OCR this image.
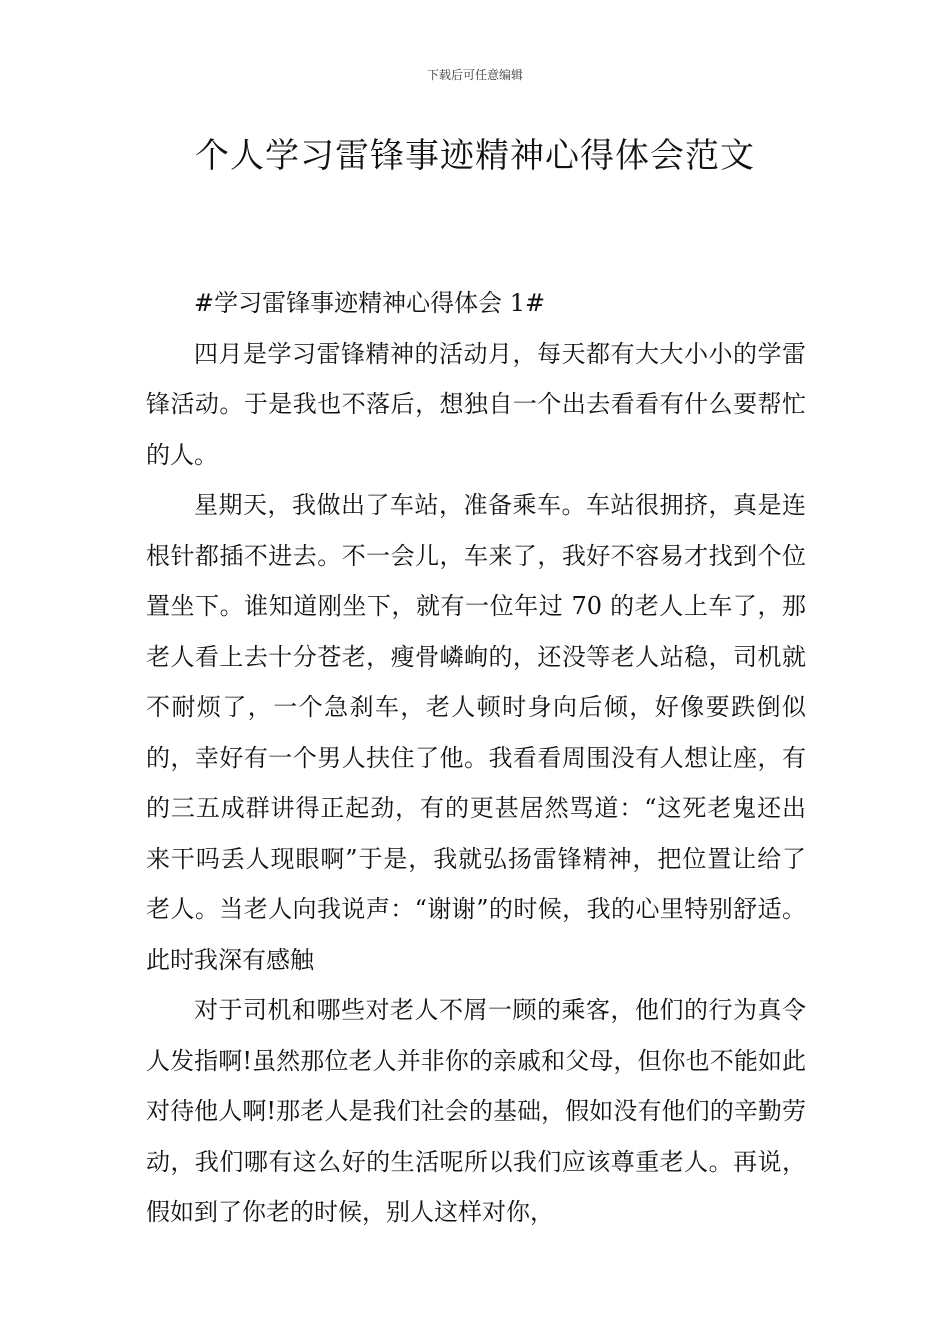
下载后可任意编辑
个人学习雷锋事迹精神心得体会范文

#学习雷锋事迹精神心得体会 1#

四月是学习雷锋精神的活动月，每天都有大大小小的学雷锋活动。于是我也不落后，想独自一个出去看看有什么要帮忙的人。

星期天，我做出了车站，准备乘车。车站很拥挤，真是连根针都插不进去。不一会儿，车来了，我好不容易才找到个位置坐下。谁知道刚坐下，就有一位年过 70 的老人上车了，那老人看上去十分苍老，瘦骨嶙峋的，还没等老人站稳，司机就不耐烦了，一个急刹车，老人顿时身向后倾，好像要跌倒似的，幸好有一个男人扶住了他。我看看周围没有人想让座，有的三五成群讲得正起劲，有的更甚居然骂道：“这死老鬼还出来干吗丢人现眼啊”于是，我就弘扬雷锋精神，把位置让给了老人。当老人向我说声：“谢谢”的时候，我的心里特别舒适。此时我深有感触

对于司机和哪些对老人不屑一顾的乘客，他们的行为真令人发指啊!虽然那位老人并非你的亲戚和父母，但你也不能如此对待他人啊!那老人是我们社会的基础，假如没有他们的辛勤劳动，我们哪有这么好的生活呢所以我们应该尊重老人。再说，假如到了你老的时候，别人这样对你，
